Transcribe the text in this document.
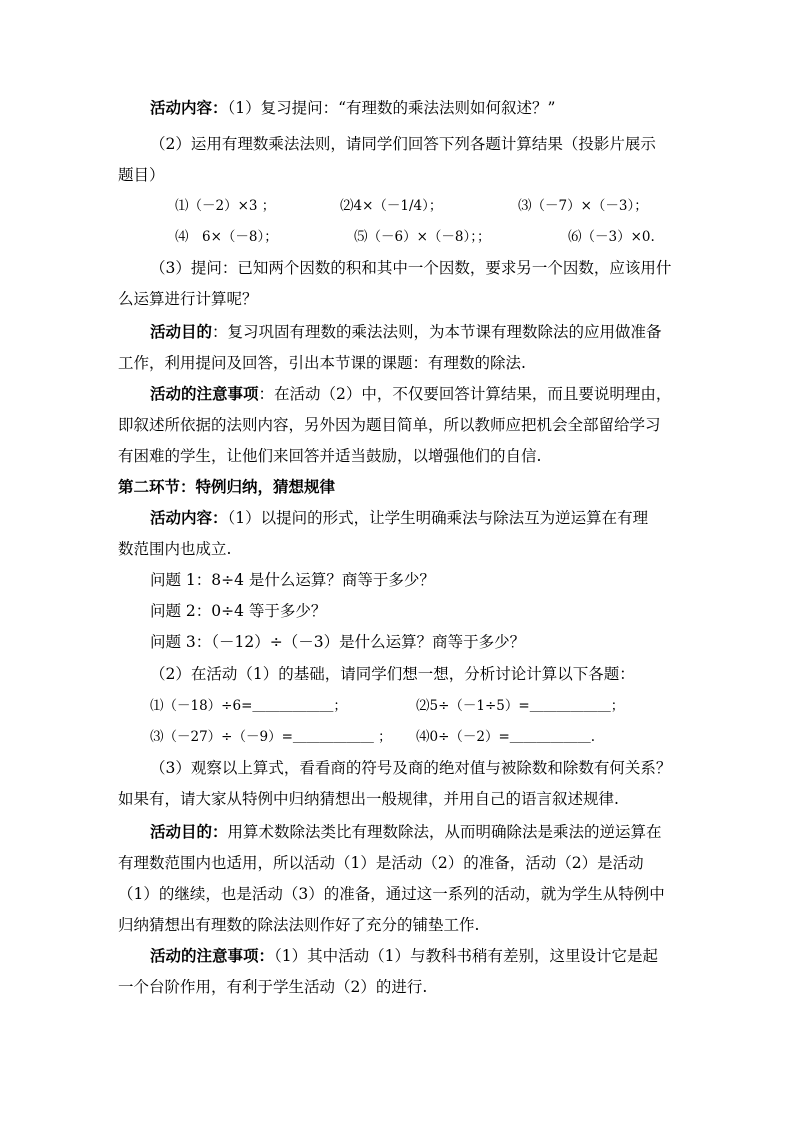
活动内容：（1）复习提问：“有理数的乘法法则如何叙述？”
（2）运用有理数乘法法则，请同学们回答下列各题计算结果（投影片展示
题目）
⑴（－2）×3 ；	⑵4×（－1/4）；	⑶（－7）×（－3）；
⑷　6×（－8）；	⑸（－6）×（－8）；；	⑹（－3）×0.
（3）提问：已知两个因数的积和其中一个因数，要求另一个因数，应该用什
么运算进行计算呢？
活动目的：复习巩固有理数的乘法法则，为本节课有理数除法的应用做准备
工作，利用提问及回答，引出本节课的课题：有理数的除法.
活动的注意事项：在活动（2）中，不仅要回答计算结果，而且要说明理由，
即叙述所依据的法则内容，另外因为题目简单，所以教师应把机会全部留给学习
有困难的学生，让他们来回答并适当鼓励，以增强他们的自信.
第二环节：特例归纳，猜想规律
活动内容：（1）以提问的形式，让学生明确乘法与除法互为逆运算在有理
数范围内也成立.
问题 1：8÷4 是什么运算？商等于多少？
问题 2：0÷4 等于多少？
问题 3：（－12）÷（－3）是什么运算？商等于多少？
（2）在活动（1）的基础，请同学们想一想，分析讨论计算以下各题：
⑴（－18）÷6=＿＿＿＿＿＿；	⑵5÷（－1÷5）=＿＿＿＿＿＿；
⑶（－27）÷（－9）=＿＿＿＿＿＿ ； ⑷0÷（－2）=＿＿＿＿＿＿.
（3）观察以上算式，看看商的符号及商的绝对值与被除数和除数有何关系？
如果有，请大家从特例中归纳猜想出一般规律，并用自己的语言叙述规律.
活动目的：用算术数除法类比有理数除法，从而明确除法是乘法的逆运算在
有理数范围内也适用，所以活动（1）是活动（2）的准备，活动（2）是活动
（1）的继续，也是活动（3）的准备，通过这一系列的活动，就为学生从特例中
归纳猜想出有理数的除法法则作好了充分的铺垫工作.
活动的注意事项：（1）其中活动（1）与教科书稍有差别，这里设计它是起
一个台阶作用，有利于学生活动（2）的进行.
